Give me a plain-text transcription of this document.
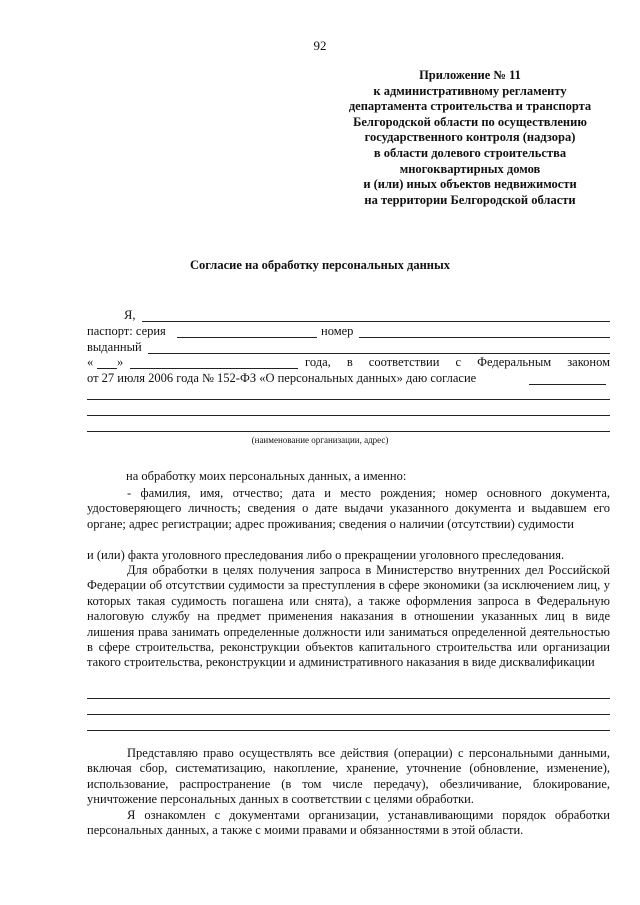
92
Приложение № 11
к административному регламенту
департамента строительства и транспорта
Белгородской области по осуществлению
государственного контроля (надзора)
в области долевого строительства
многоквартирных домов
и (или) иных объектов недвижимости
на территории Белгородской области
Согласие на обработку персональных данных
Я,
паспорт: серия	номер
выданный
« »	года, в соответствии с Федеральным законом
от 27 июля 2006 года № 152-ФЗ «О персональных данных» даю согласие
(наименование организации, адрес)
на обработку моих персональных данных, а именно:
- фамилия, имя, отчество; дата и место рождения; номер основного документа, удостоверяющего личность; сведения о дате выдачи указанного документа и выдавшем его органе; адрес регистрации; адрес проживания; сведения о наличии (отсутствии) судимости
и (или) факта уголовного преследования либо о прекращении уголовного преследования.
Для обработки в целях получения запроса в Министерство внутренних дел Российской Федерации об отсутствии судимости за преступления в сфере экономики (за исключением лиц, у которых такая судимость погашена или снята), а также оформления запроса в Федеральную налоговую службу на предмет применения наказания в отношении указанных лиц в виде лишения права занимать определенные должности или заниматься определенной деятельностью в сфере строительства, реконструкции объектов капитального строительства или организации такого строительства, реконструкции и административного наказания в виде дисквалификации
Представляю право осуществлять все действия (операции) с персональными данными, включая сбор, систематизацию, накопление, хранение, уточнение (обновление, изменение), использование, распространение (в том числе передачу), обезличивание, блокирование, уничтожение персональных данных в соответствии с целями обработки.
Я ознакомлен с документами организации, устанавливающими порядок обработки персональных данных, а также с моими правами и обязанностями в этой области.
